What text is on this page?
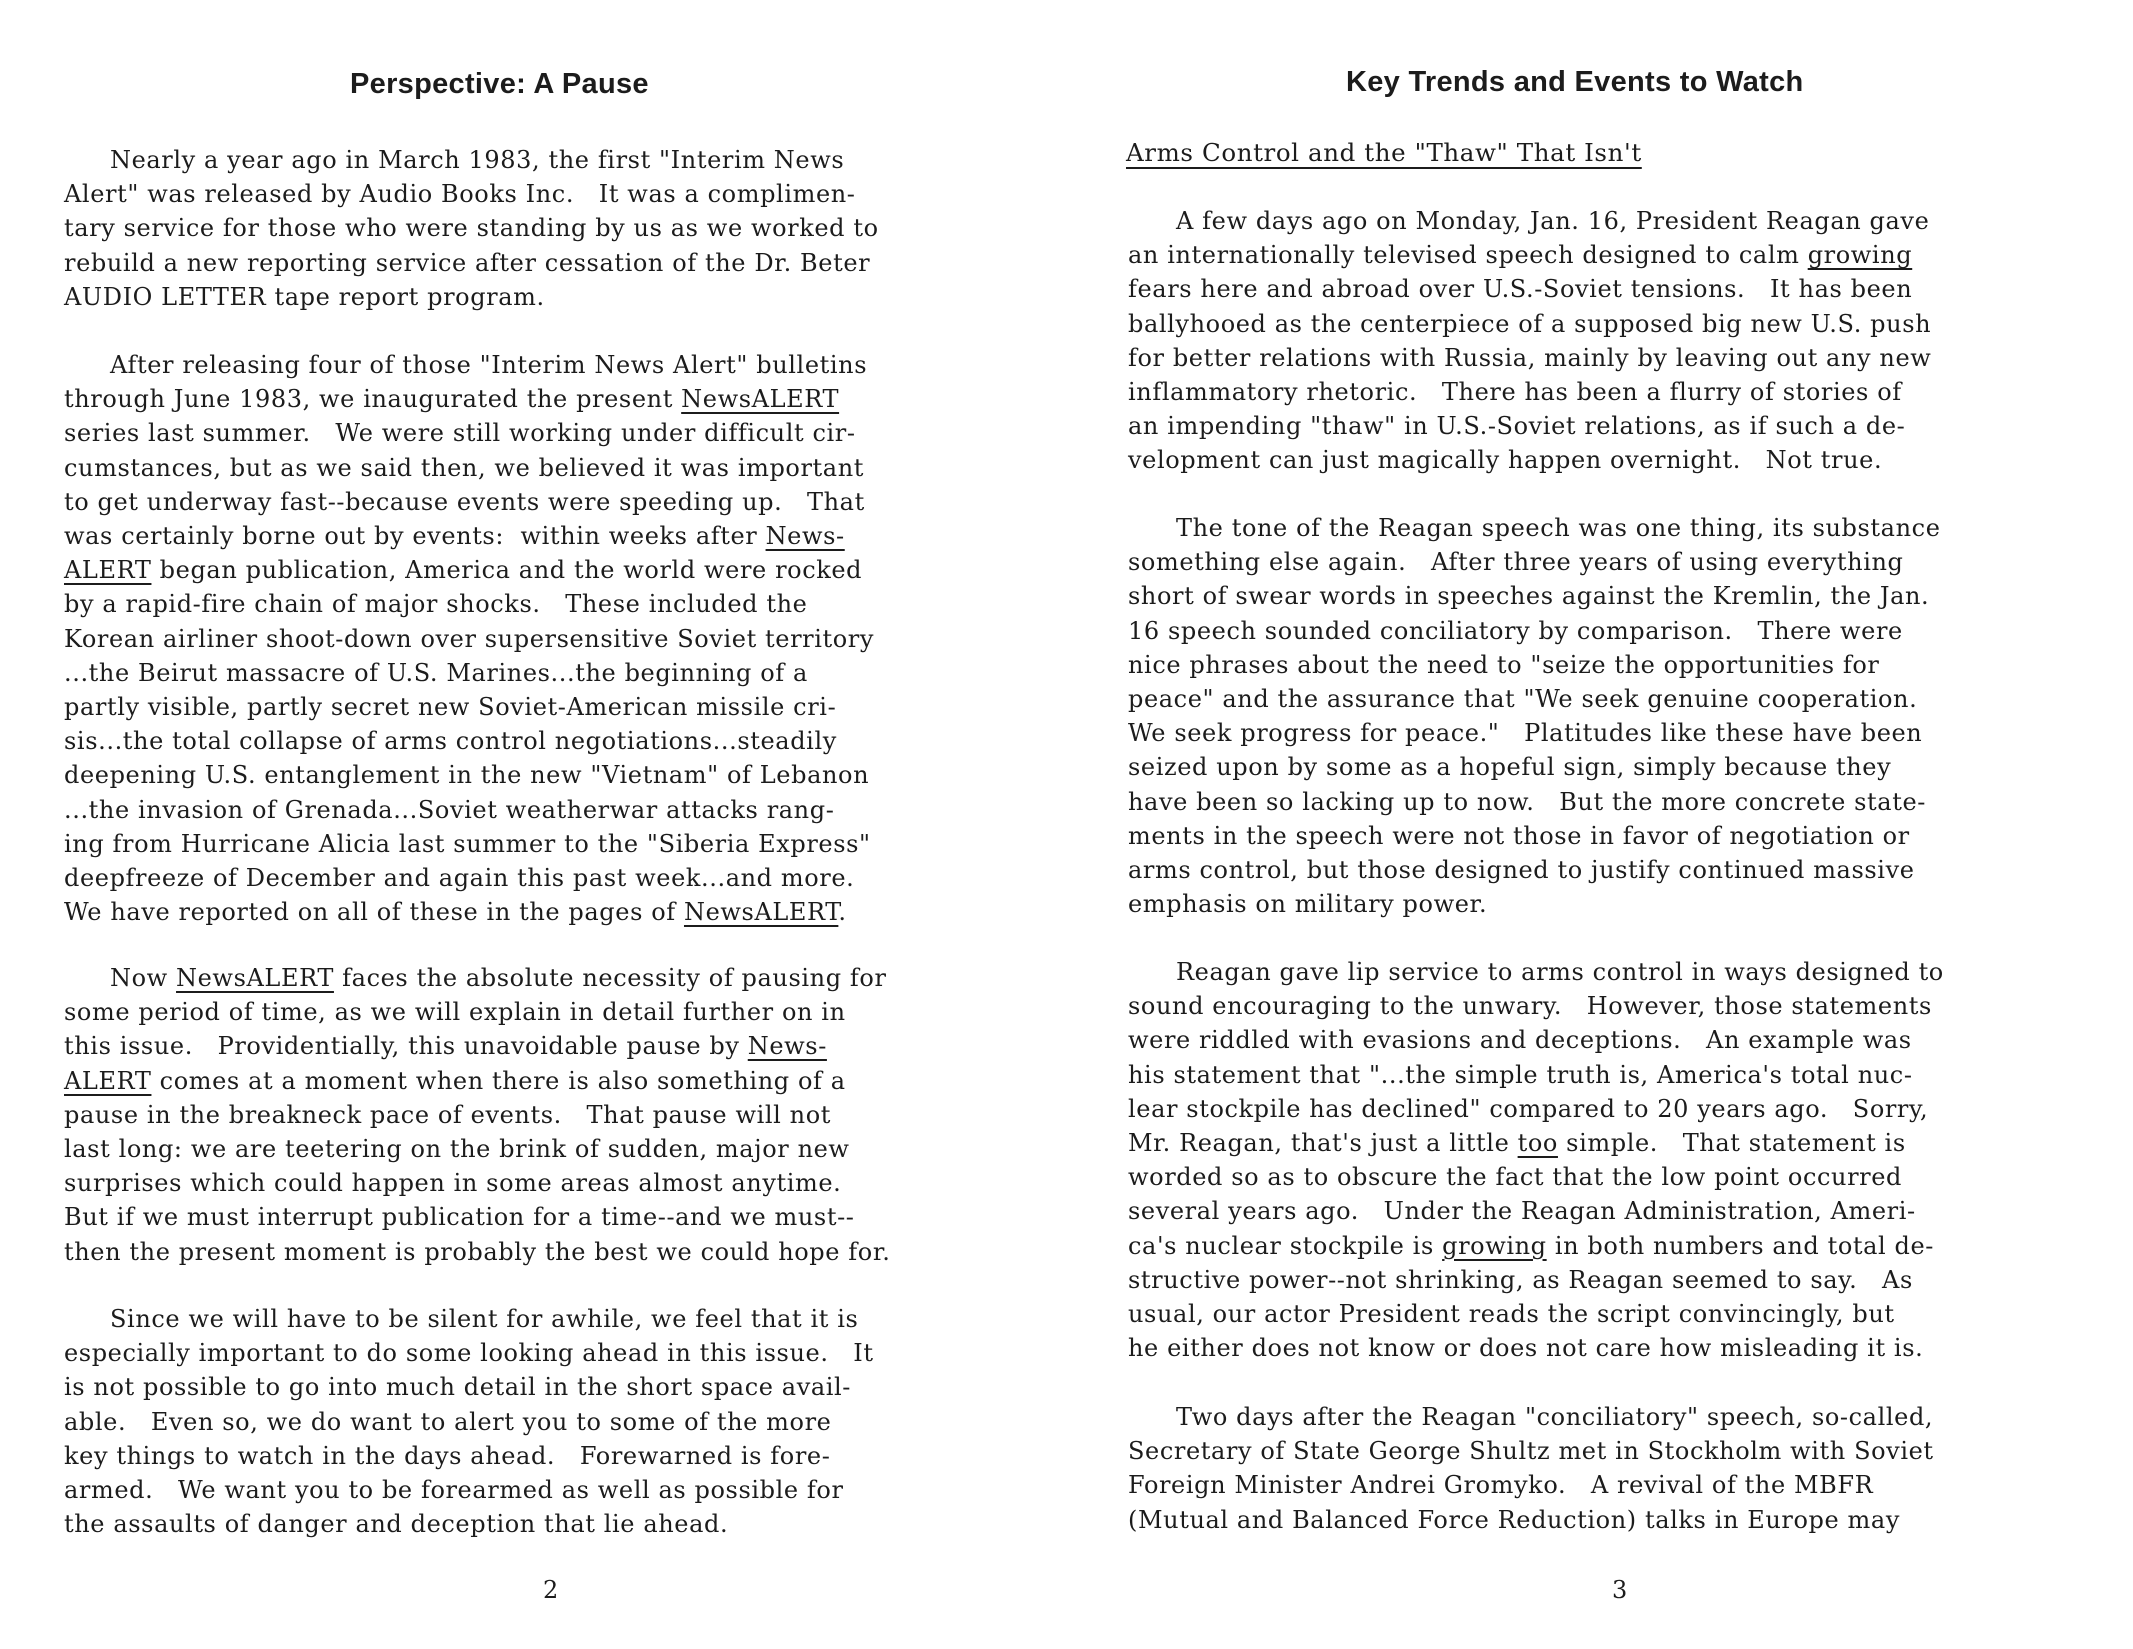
Perspective: A Pause
Nearly a year ago in March 1983, the first "Interim News
Alert" was released by Audio Books Inc.   It was a complimen-
tary service for those who were standing by us as we worked to
rebuild a new reporting service after cessation of the Dr. Beter
AUDIO LETTER tape report program.
After releasing four of those "Interim News Alert" bulletins
through June 1983, we inaugurated the present NewsALERT
series last summer.   We were still working under difficult cir-
cumstances, but as we said then, we believed it was important
to get underway fast--because events were speeding up.   That
was certainly borne out by events:  within weeks after News-
ALERT began publication, America and the world were rocked
by a rapid-fire chain of major shocks.   These included the
Korean airliner shoot-down over supersensitive Soviet territory
...the Beirut massacre of U.S. Marines...the beginning of a
partly visible, partly secret new Soviet-American missile cri-
sis...the total collapse of arms control negotiations...steadily
deepening U.S. entanglement in the new "Vietnam" of Lebanon
...the invasion of Grenada...Soviet weatherwar attacks rang-
ing from Hurricane Alicia last summer to the "Siberia Express"
deepfreeze of December and again this past week...and more.
We have reported on all of these in the pages of NewsALERT.
Now NewsALERT faces the absolute necessity of pausing for
some period of time, as we will explain in detail further on in
this issue.   Providentially, this unavoidable pause by News-
ALERT comes at a moment when there is also something of a
pause in the breakneck pace of events.   That pause will not
last long: we are teetering on the brink of sudden, major new
surprises which could happen in some areas almost anytime.
But if we must interrupt publication for a time--and we must--
then the present moment is probably the best we could hope for.
Since we will have to be silent for awhile, we feel that it is
especially important to do some looking ahead in this issue.   It
is not possible to go into much detail in the short space avail-
able.   Even so, we do want to alert you to some of the more
key things to watch in the days ahead.   Forewarned is fore-
armed.   We want you to be forearmed as well as possible for
the assaults of danger and deception that lie ahead.

2

Key Trends and Events to Watch

Arms Control and the "Thaw" That Isn't

A few days ago on Monday, Jan. 16, President Reagan gave
an internationally televised speech designed to calm growing
fears here and abroad over U.S.-Soviet tensions.   It has been
ballyhooed as the centerpiece of a supposed big new U.S. push
for better relations with Russia, mainly by leaving out any new
inflammatory rhetoric.   There has been a flurry of stories of
an impending "thaw" in U.S.-Soviet relations, as if such a de-
velopment can just magically happen overnight.   Not true.
The tone of the Reagan speech was one thing, its substance
something else again.   After three years of using everything
short of swear words in speeches against the Kremlin, the Jan.
16 speech sounded conciliatory by comparison.   There were
nice phrases about the need to "seize the opportunities for
peace" and the assurance that "We seek genuine cooperation.
We seek progress for peace."   Platitudes like these have been
seized upon by some as a hopeful sign, simply because they
have been so lacking up to now.   But the more concrete state-
ments in the speech were not those in favor of negotiation or
arms control, but those designed to justify continued massive
emphasis on military power.
Reagan gave lip service to arms control in ways designed to
sound encouraging to the unwary.   However, those statements
were riddled with evasions and deceptions.   An example was
his statement that "...the simple truth is, America's total nuc-
lear stockpile has declined" compared to 20 years ago.   Sorry,
Mr. Reagan, that's just a little too simple.   That statement is
worded so as to obscure the fact that the low point occurred
several years ago.   Under the Reagan Administration, Ameri-
ca's nuclear stockpile is growing in both numbers and total de-
structive power--not shrinking, as Reagan seemed to say.   As
usual, our actor President reads the script convincingly, but
he either does not know or does not care how misleading it is.
Two days after the Reagan "conciliatory" speech, so-called,
Secretary of State George Shultz met in Stockholm with Soviet
Foreign Minister Andrei Gromyko.   A revival of the MBFR
(Mutual and Balanced Force Reduction) talks in Europe may

3
